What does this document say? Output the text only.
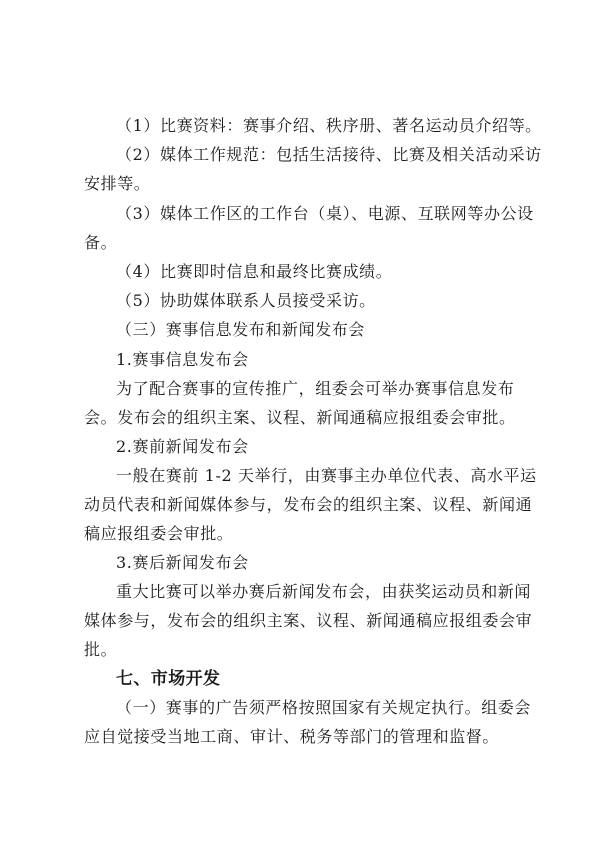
（1）比赛资料：赛事介绍、秩序册、著名运动员介绍等。
（2）媒体工作规范：包括生活接待、比赛及相关活动采访
安排等。
（3）媒体工作区的工作台（桌）、电源、互联网等办公设
备。
（4）比赛即时信息和最终比赛成绩。
（5）协助媒体联系人员接受采访。
（三）赛事信息发布和新闻发布会
1.赛事信息发布会
为了配合赛事的宣传推广，组委会可举办赛事信息发布
会。发布会的组织主案、议程、新闻通稿应报组委会审批。
2.赛前新闻发布会
一般在赛前 1-2 天举行，由赛事主办单位代表、高水平运
动员代表和新闻媒体参与，发布会的组织主案、议程、新闻通
稿应报组委会审批。
3.赛后新闻发布会
重大比赛可以举办赛后新闻发布会，由获奖运动员和新闻
媒体参与，发布会的组织主案、议程、新闻通稿应报组委会审
批。
七、市场开发
（一）赛事的广告须严格按照国家有关规定执行。组委会
应自觉接受当地工商、审计、税务等部门的管理和监督。
